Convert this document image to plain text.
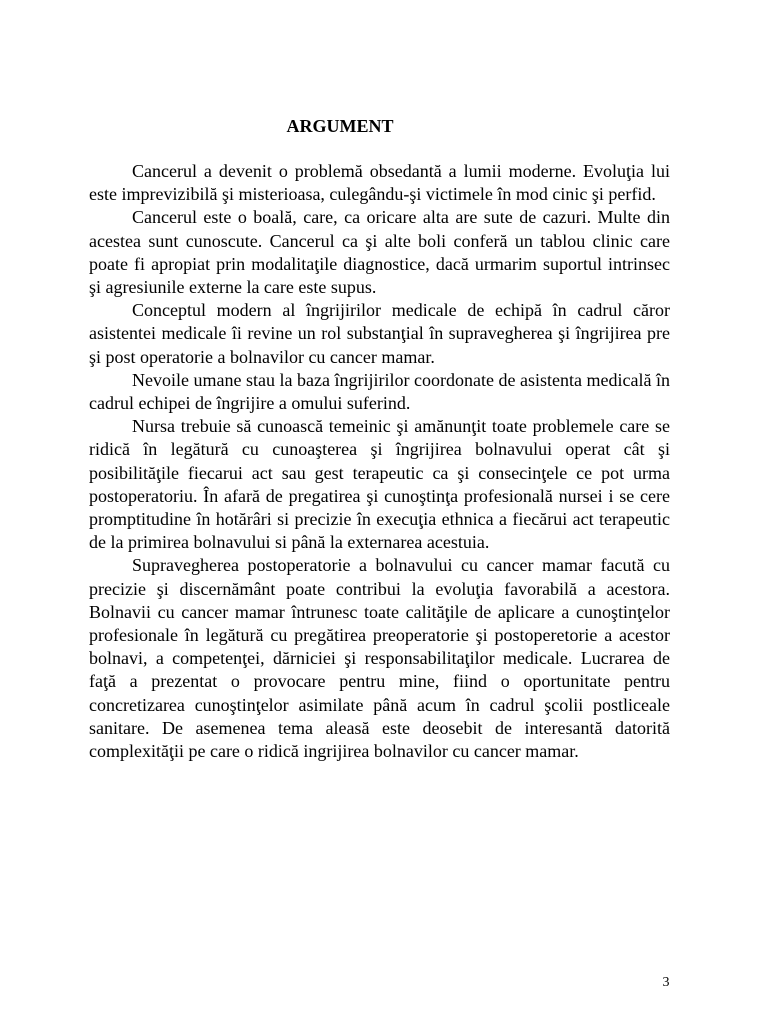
ARGUMENT

Cancerul a devenit o problemă obsedantă a lumii moderne. Evoluţia lui este imprevizibilă şi misterioasa, culegându-şi victimele în mod cinic şi perfid.

Cancerul este o boală, care, ca oricare alta are sute de cazuri. Multe din acestea sunt cunoscute. Cancerul ca şi alte boli conferă un tablou clinic care poate fi apropiat prin modalitaţile diagnostice, dacă urmarim suportul intrinsec şi agresiunile externe la care este supus.

Conceptul modern al îngrijirilor medicale de echipă în cadrul căror asistentei medicale îi revine un rol substanţial în supravegherea şi îngrijirea pre şi post operatorie a bolnavilor cu cancer mamar.

Nevoile umane stau la baza îngrijirilor coordonate de asistenta medicală în cadrul echipei de îngrijire a omului suferind.

Nursa trebuie să cunoască temeinic şi amănunţit toate problemele care se ridică în legătură cu cunoaşterea şi îngrijirea bolnavului operat cât şi posibilităţile fiecarui act sau gest terapeutic ca şi consecinţele ce pot urma postoperatoriu. În afară de pregatirea şi cunoştinţa profesională nursei i se cere promptitudine în hotărâri si precizie în execuţia ethnica a fiecărui act terapeutic de la primirea bolnavului si până la externarea acestuia.

Supravegherea postoperatorie a bolnavului cu cancer mamar facută cu precizie şi discernământ poate contribui la evoluţia favorabilă a acestora. Bolnavii cu cancer mamar întrunesc toate calităţile de aplicare a cunoştinţelor profesionale în legătură cu pregătirea preoperatorie şi postoperetorie a acestor bolnavi, a competenţei, dărniciei şi responsabilitaţilor medicale. Lucrarea de faţă a prezentat o provocare pentru mine, fiind o oportunitate pentru concretizarea cunoştinţelor asimilate până acum în cadrul şcolii postliceale sanitare. De asemenea tema aleasă este deosebit de interesantă datorită complexităţii pe care o ridică ingrijirea bolnavilor cu cancer mamar.

3
